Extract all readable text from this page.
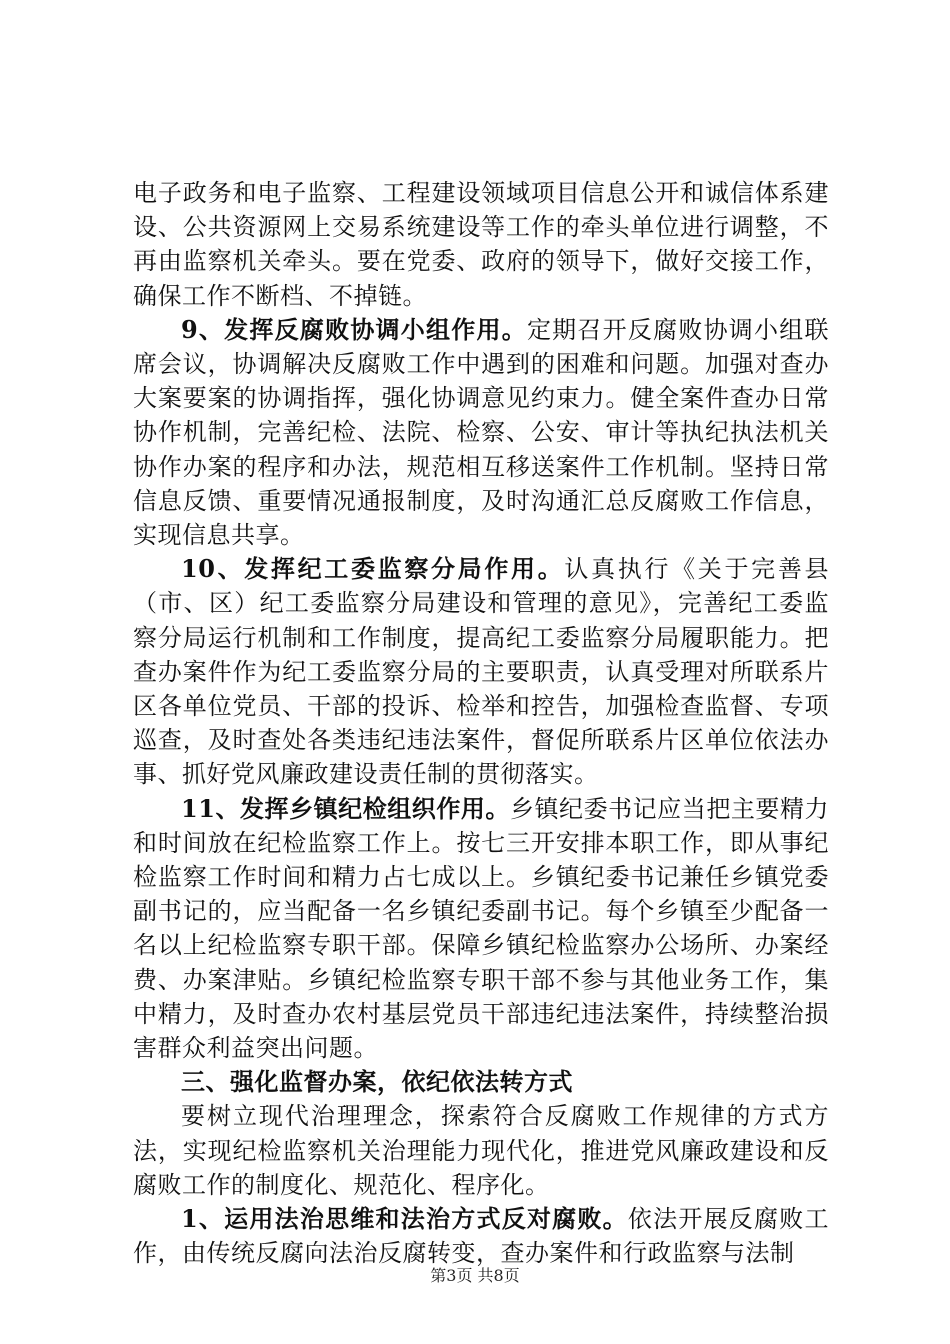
电子政务和电子监察、工程建设领域项目信息公开和诚信体系建设、公共资源网上交易系统建设等工作的牵头单位进行调整，不再由监察机关牵头。要在党委、政府的领导下，做好交接工作，确保工作不断档、不掉链。

9、发挥反腐败协调小组作用。定期召开反腐败协调小组联席会议，协调解决反腐败工作中遇到的困难和问题。加强对查办大案要案的协调指挥，强化协调意见约束力。健全案件查办日常协作机制，完善纪检、法院、检察、公安、审计等执纪执法机关协作办案的程序和办法，规范相互移送案件工作机制。坚持日常信息反馈、重要情况通报制度，及时沟通汇总反腐败工作信息，实现信息共享。

10、发挥纪工委监察分局作用。认真执行《关于完善县（市、区）纪工委监察分局建设和管理的意见》，完善纪工委监察分局运行机制和工作制度，提高纪工委监察分局履职能力。把查办案件作为纪工委监察分局的主要职责，认真受理对所联系片区各单位党员、干部的投诉、检举和控告，加强检查监督、专项巡查，及时查处各类违纪违法案件，督促所联系片区单位依法办事、抓好党风廉政建设责任制的贯彻落实。

11、发挥乡镇纪检组织作用。乡镇纪委书记应当把主要精力和时间放在纪检监察工作上。按七三开安排本职工作，即从事纪检监察工作时间和精力占七成以上。乡镇纪委书记兼任乡镇党委副书记的，应当配备一名乡镇纪委副书记。每个乡镇至少配备一名以上纪检监察专职干部。保障乡镇纪检监察办公场所、办案经费、办案津贴。乡镇纪检监察专职干部不参与其他业务工作，集中精力，及时查办农村基层党员干部违纪违法案件，持续整治损害群众利益突出问题。

三、强化监督办案，依纪依法转方式

要树立现代治理理念，探索符合反腐败工作规律的方式方法，实现纪检监察机关治理能力现代化，推进党风廉政建设和反腐败工作的制度化、规范化、程序化。

1、运用法治思维和法治方式反对腐败。依法开展反腐败工作，由传统反腐向法治反腐转变，查办案件和行政监察与法制

第3页 共8页
